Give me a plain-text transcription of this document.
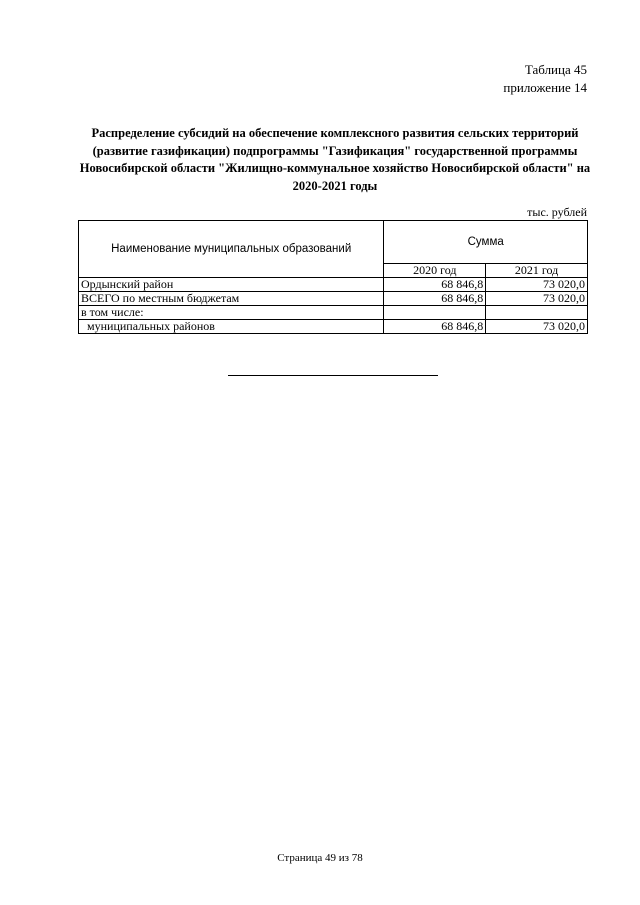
Таблица 45
приложение 14
Распределение субсидий на обеспечение комплексного развития сельских территорий (развитие газификации) подпрограммы "Газификация" государственной программы Новосибирской области "Жилищно-коммунальное хозяйство Новосибирской области" на 2020-2021 годы
тыс. рублей
Наименование муниципальных образований	Сумма	
	2020 год	2021 год
Ордынский район	68 846,8	73 020,0
ВСЕГО по местным бюджетам	68 846,8	73 020,0
в том числе:		
муниципальных районов	68 846,8	73 020,0
Страница 49 из 78
